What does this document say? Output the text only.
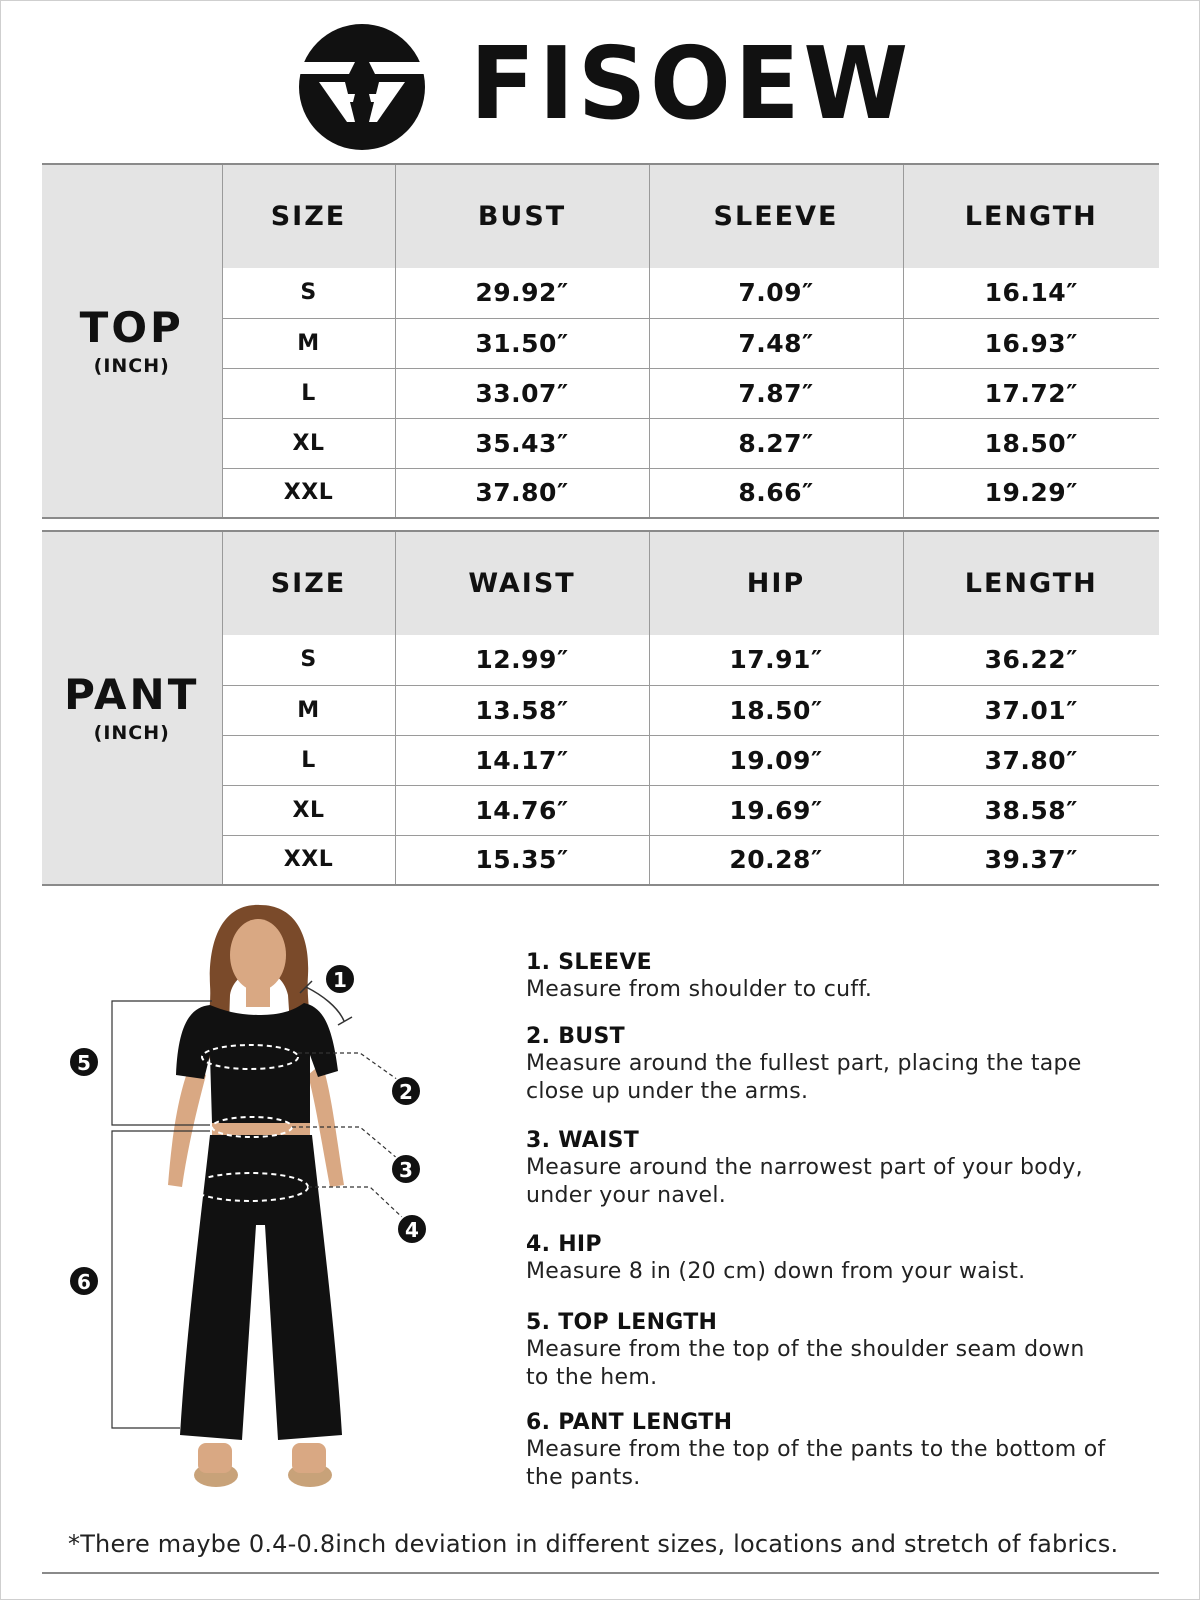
FISOEW
TOP
(INCH)	SIZE	BUST	SLEEVE	LENGTH
	S	29.92″	7.09″	16.14″
	M	31.50″	7.48″	16.93″
	L	33.07″	7.87″	17.72″
	XL	35.43″	8.27″	18.50″
	XXL	37.80″	8.66″	19.29″
PANT
(INCH)	SIZE	WAIST	HIP	LENGTH
	S	12.99″	17.91″	36.22″
	M	13.58″	18.50″	37.01″
	L	14.17″	19.09″	37.80″
	XL	14.76″	19.69″	38.58″
	XXL	15.35″	20.28″	39.37″
1
2
3
4
5
6
1. SLEEVE
Measure from shoulder to cuff.
2. BUST
Measure around the fullest part, placing the tape close up under the arms.
3. WAIST
Measure around the narrowest part of your body, under your navel.
4. HIP
Measure 8 in (20 cm) down from your waist.
5. TOP LENGTH
Measure from the top of the shoulder seam down to the hem.
6. PANT LENGTH
Measure from the top of the pants to the bottom of the pants.
*There maybe 0.4-0.8inch deviation in different sizes, locations and stretch of fabrics.
